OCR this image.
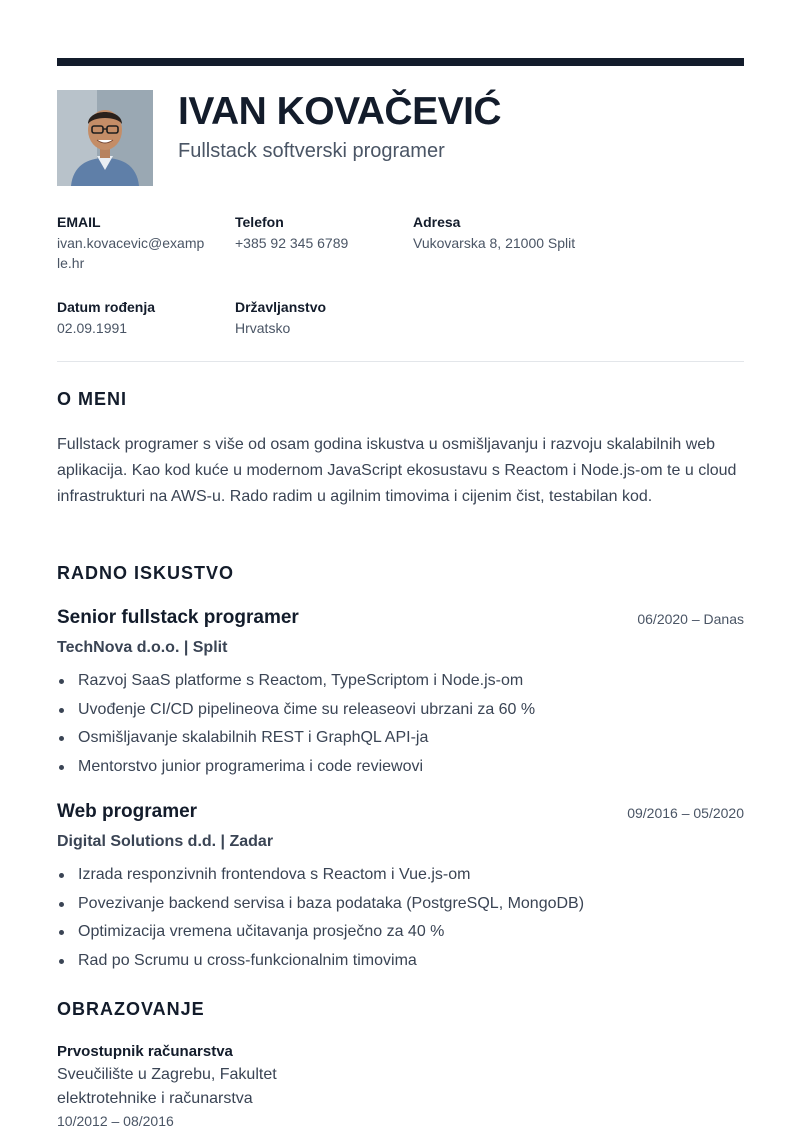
IVAN KOVAČEVIĆ
Fullstack softverski programer
EMAIL
ivan.kovacevic@example.hr
Telefon
+385 92 345 6789
Adresa
Vukovarska 8, 21000 Split
Datum rođenja
02.09.1991
Državljanstvo
Hrvatsko
O MENI
Fullstack programer s više od osam godina iskustva u osmišljavanju i razvoju skalabilnih web aplikacija. Kao kod kuće u modernom JavaScript ekosustavu s Reactom i Node.js-om te u cloud infrastrukturi na AWS-u. Rado radim u agilnim timovima i cijenim čist, testabilan kod.
RADNO ISKUSTVO
Senior fullstack programer	06/2020 – Danas
TechNova d.o.o. | Split
Razvoj SaaS platforme s Reactom, TypeScriptom i Node.js-om
Uvođenje CI/CD pipelineova čime su releaseovi ubrzani za 60 %
Osmišljavanje skalabilnih REST i GraphQL API-ja
Mentorstvo junior programerima i code reviewovi
Web programer	09/2016 – 05/2020
Digital Solutions d.d. | Zadar
Izrada responzivnih frontendova s Reactom i Vue.js-om
Povezivanje backend servisa i baza podataka (PostgreSQL, MongoDB)
Optimizacija vremena učitavanja prosječno za 40 %
Rad po Scrumu u cross-funkcionalnim timovima
OBRAZOVANJE
Prvostupnik računarstva
Sveučilište u Zagrebu, Fakultet elektrotehnike i računarstva
10/2012 – 08/2016
